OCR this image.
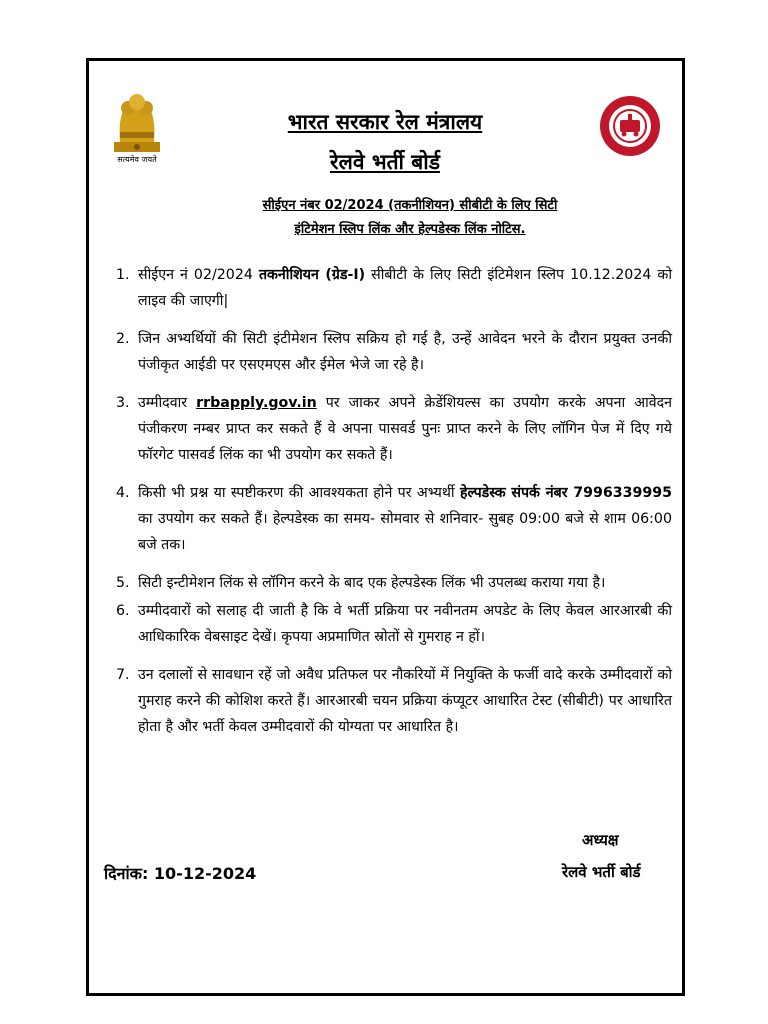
सत्यमेव जयते
भारत सरकार रेल मंत्रालय
रेलवे भर्ती बोर्ड
सीईएन नंबर 02/2024 (तकनीशियन) सीबीटी के लिए सिटी
इंटिमेशन स्लिप लिंक और हेल्पडेस्क लिंक नोटिस.
1. सीईएन नं 02/2024 तकनीशियन (ग्रेड-I) सीबीटी के लिए सिटी इंटिमेशन स्लिप 10.12.2024 को लाइव की जाएगी|
2. जिन अभ्यर्थियों की सिटी इंटीमेशन स्लिप सक्रिय हो गई है, उन्हें आवेदन भरने के दौरान प्रयुक्त उनकी पंजीकृत आईडी पर एसएमएस और ईमेल भेजे जा रहे है।
3. उम्मीदवार rrbapply.gov.in पर जाकर अपने क्रेडेंशियल्स का उपयोग करके अपना आवेदन पंजीकरण नम्बर प्राप्त कर सकते हैं वे अपना पासवर्ड पुनः प्राप्त करने के लिए लॉगिन पेज में दिए गये फॉरगेट पासवर्ड लिंक का भी उपयोग कर सकते हैं।
4. किसी भी प्रश्न या स्पष्टीकरण की आवश्यकता होने पर अभ्यर्थी हेल्पडेस्क संपर्क नंबर 7996339995 का उपयोग कर सकते हैं। हेल्पडेस्क का समय- सोमवार से शनिवार- सुबह 09:00 बजे से शाम 06:00 बजे तक।
5. सिटी इन्टीमेशन लिंक से लॉगिन करने के बाद एक हेल्पडेस्क लिंक भी उपलब्ध कराया गया है।
6. उम्मीदवारों को सलाह दी जाती है कि वे भर्ती प्रक्रिया पर नवीनतम अपडेट के लिए केवल आरआरबी की आधिकारिक वेबसाइट देखें। कृपया अप्रमाणित स्रोतों से गुमराह न हों।
7. उन दलालों से सावधान रहें जो अवैध प्रतिफल पर नौकरियों में नियुक्ति के फर्जी वादे करके उम्मीदवारों को गुमराह करने की कोशिश करते हैं। आरआरबी चयन प्रक्रिया कंप्यूटर आधारित टेस्ट (सीबीटी) पर आधारित होता है और भर्ती केवल उम्मीदवारों की योग्यता पर आधारित है।
अध्यक्ष
रेलवे भर्ती बोर्ड
दिनांक: 10-12-2024
